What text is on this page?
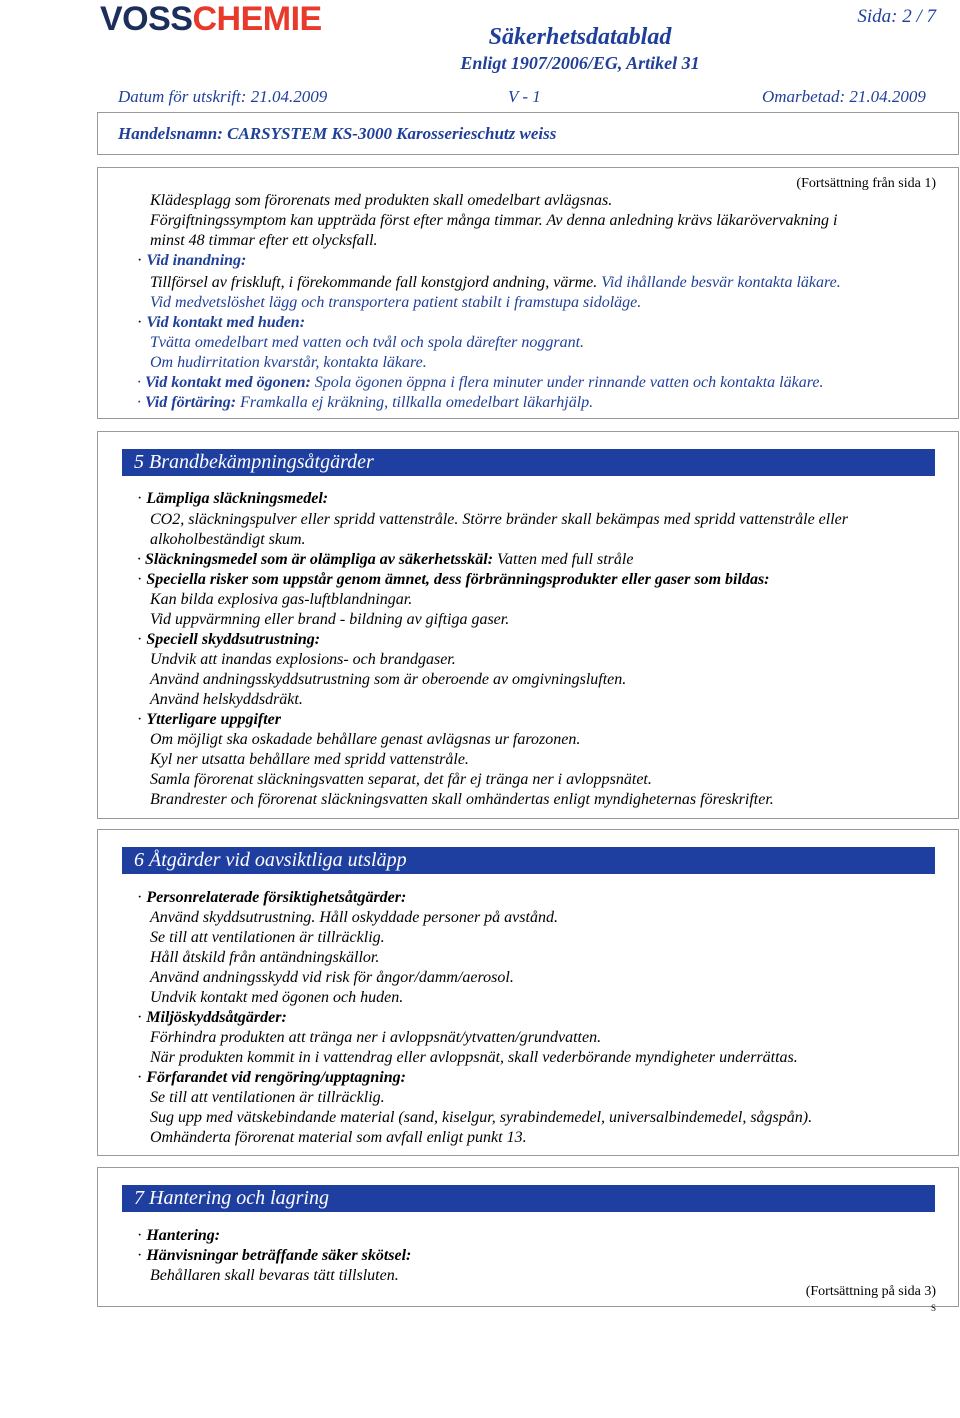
VOSSCHEMIE	Sida: 2 / 7
Säkerhetsdatablad
Enligt 1907/2006/EG, Artikel 31
Datum för utskrift: 21.04.2009	V - 1	Omarbetad: 21.04.2009
Handelsnamn: CARSYSTEM KS-3000 Karosserieschutz weiss
(Fortsättning från sida 1)
Klädesplagg som förorenats med produkten skall omedelbart avlägsnas.
Förgiftningssymptom kan uppträda först efter många timmar. Av denna anledning krävs läkarövervakning i
minst 48 timmar efter ett olycksfall.
· Vid inandning:
Tillförsel av friskluft, i förekommande fall konstgjord andning, värme. Vid ihållande besvär kontakta läkare.
Vid medvetslöshet lägg och transportera patient stabilt i framstupa sidoläge.
· Vid kontakt med huden:
Tvätta omedelbart med vatten och tvål och spola därefter noggrant.
Om hudirritation kvarstår, kontakta läkare.
· Vid kontakt med ögonen: Spola ögonen öppna i flera minuter under rinnande vatten och kontakta läkare.
· Vid förtäring: Framkalla ej kräkning, tillkalla omedelbart läkarhjälp.
5 Brandbekämpningsåtgärder
· Lämpliga släckningsmedel:
CO2, släckningspulver eller spridd vattenstråle. Större bränder skall bekämpas med spridd vattenstråle eller
alkoholbeständigt skum.
· Släckningsmedel som är olämpliga av säkerhetsskäl: Vatten med full stråle
· Speciella risker som uppstår genom ämnet, dess förbränningsprodukter eller gaser som bildas:
Kan bilda explosiva gas-luftblandningar.
Vid uppvärmning eller brand - bildning av giftiga gaser.
· Speciell skyddsutrustning:
Undvik att inandas explosions- och brandgaser.
Använd andningsskyddsutrustning som är oberoende av omgivningsluften.
Använd helskyddsdräkt.
· Ytterligare uppgifter
Om möjligt ska oskadade behållare genast avlägsnas ur farozonen.
Kyl ner utsatta behållare med spridd vattenstråle.
Samla förorenat släckningsvatten separat, det får ej tränga ner i avloppsnätet.
Brandrester och förorenat släckningsvatten skall omhändertas enligt myndigheternas föreskrifter.
6 Åtgärder vid oavsiktliga utsläpp
· Personrelaterade försiktighetsåtgärder:
Använd skyddsutrustning. Håll oskyddade personer på avstånd.
Se till att ventilationen är tillräcklig.
Håll åtskild från antändningskällor.
Använd andningsskydd vid risk för ångor/damm/aerosol.
Undvik kontakt med ögonen och huden.
· Miljöskyddsåtgärder:
Förhindra produkten att tränga ner i avloppsnät/ytvatten/grundvatten.
När produkten kommit in i vattendrag eller avloppsnät, skall vederbörande myndigheter underrättas.
· Förfarandet vid rengöring/upptagning:
Se till att ventilationen är tillräcklig.
Sug upp med vätskebindande material (sand, kiselgur, syrabindemedel, universalbindemedel, sågspån).
Omhänderta förorenat material som avfall enligt punkt 13.
7 Hantering och lagring
· Hantering:
· Hänvisningar beträffande säker skötsel:
Behållaren skall bevaras tätt tillsluten.
(Fortsättning på sida 3)
S
